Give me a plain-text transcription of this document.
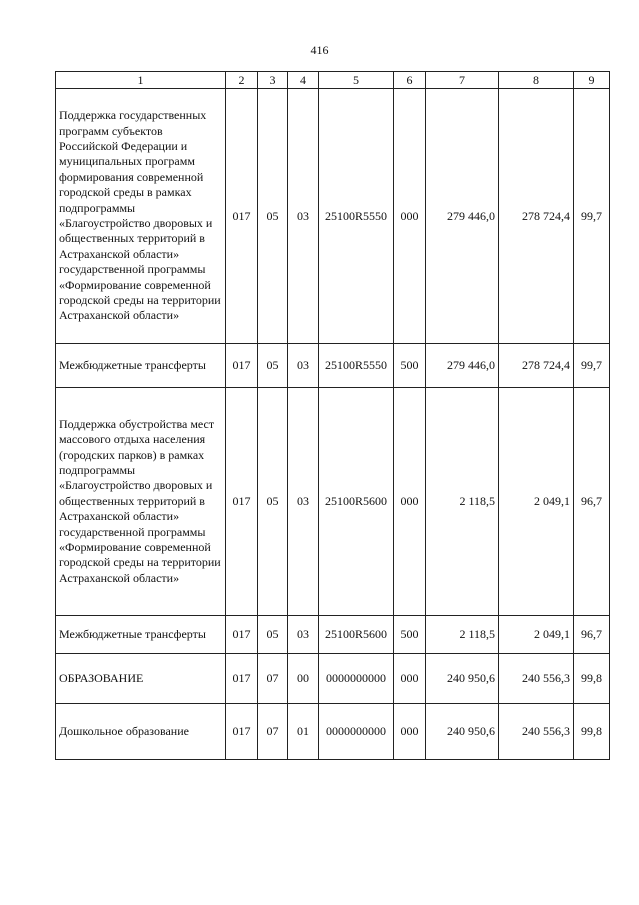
416
1	2	3	4	5	6	7	8	9
Поддержка государственных программ субъектов Российской Федерации и муниципальных программ формирования современной городской среды в рамках подпрограммы «Благоустройство дворовых и общественных территорий в Астраханской области» государственной программы «Формирование современной городской среды на территории Астраханской области»	017	05	03	25100R5550	000	279 446,0	278 724,4	99,7
Межбюджетные трансферты	017	05	03	25100R5550	500	279 446,0	278 724,4	99,7
Поддержка обустройства мест массового отдыха населения (городских парков) в рамках подпрограммы «Благоустройство дворовых и общественных территорий в Астраханской области» государственной программы «Формирование современной городской среды на территории Астраханской области»	017	05	03	25100R5600	000	2 118,5	2 049,1	96,7
Межбюджетные трансферты	017	05	03	25100R5600	500	2 118,5	2 049,1	96,7
ОБРАЗОВАНИЕ	017	07	00	0000000000	000	240 950,6	240 556,3	99,8
Дошкольное образование	017	07	01	0000000000	000	240 950,6	240 556,3	99,8
